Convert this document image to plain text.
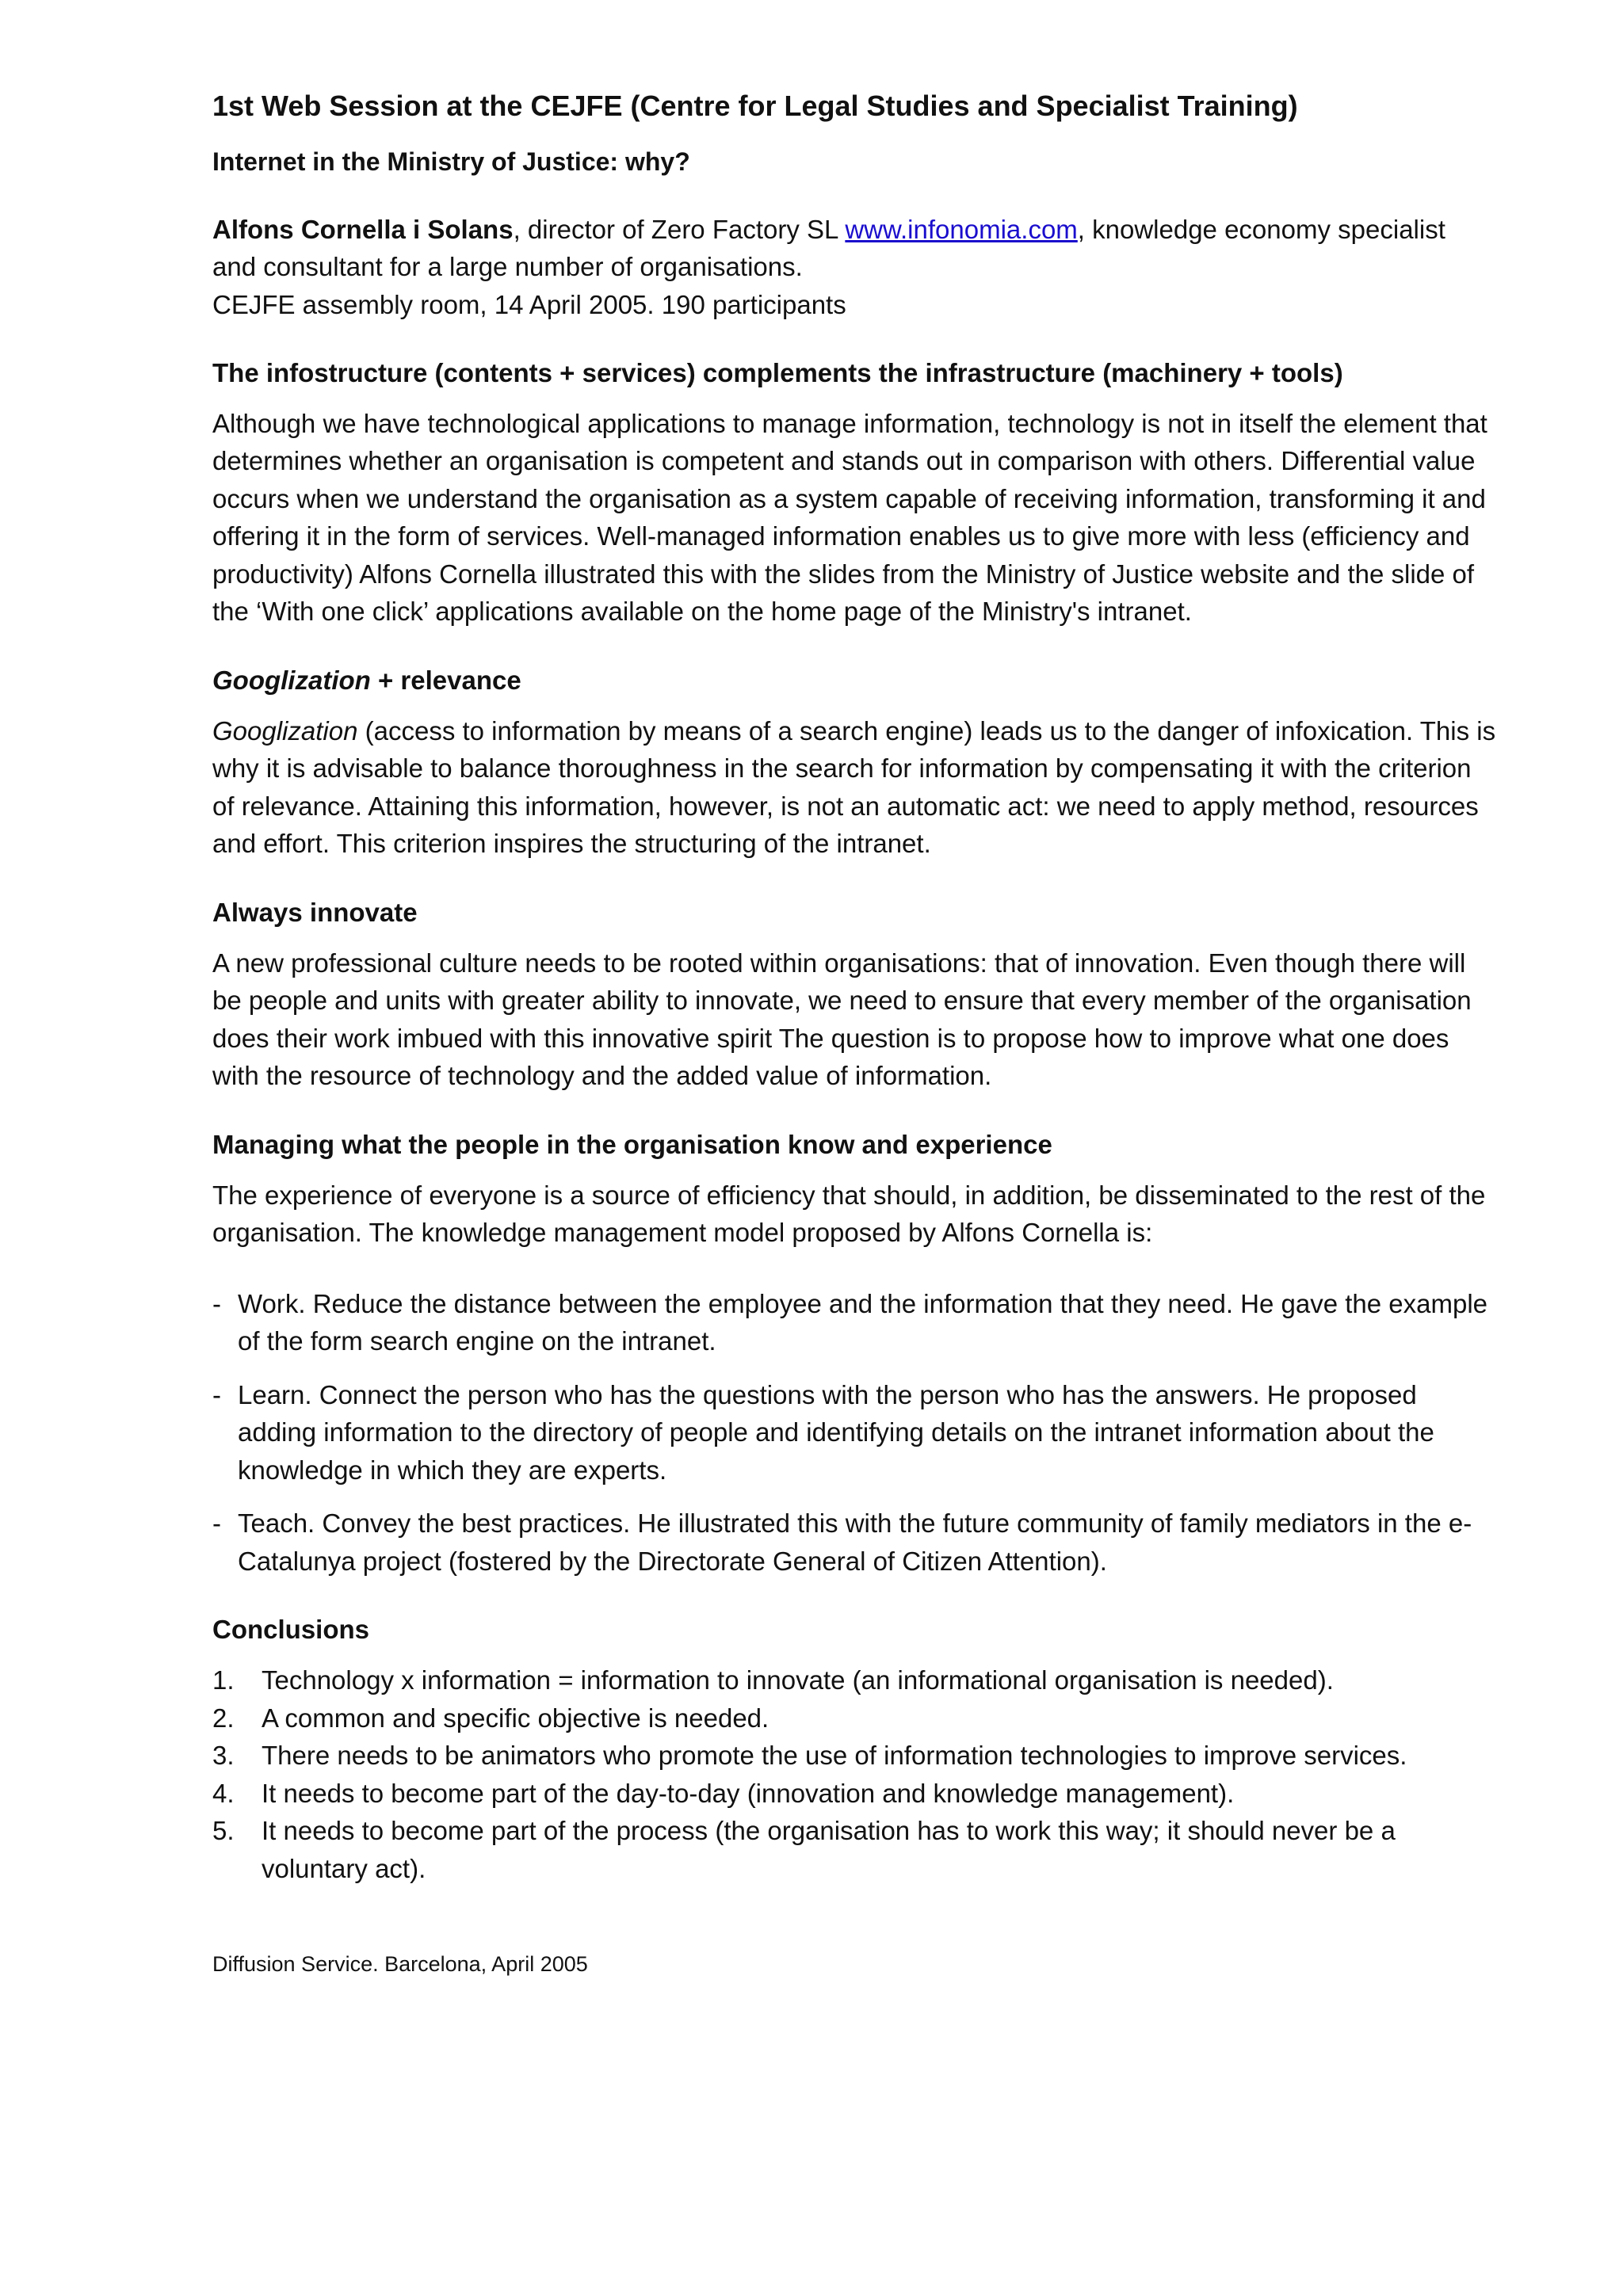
1st Web Session at the CEJFE (Centre for Legal Studies and Specialist Training)
Internet in the Ministry of Justice: why?

Alfons Cornella i Solans, director of Zero Factory SL www.infonomia.com, knowledge economy specialist and consultant for a large number of organisations.

CEJFE assembly room, 14 April 2005. 190 participants
The infostructure (contents + services) complements the infrastructure (machinery + tools)

Although we have technological applications to manage information, technology is not in itself the element that determines whether an organisation is competent and stands out in comparison with others. Differential value occurs when we understand the organisation as a system capable of receiving information, transforming it and offering it in the form of services. Well-managed information enables us to give more with less (efficiency and productivity) Alfons Cornella illustrated this with the slides from the Ministry of Justice website and the slide of the ‘With one click’ applications available on the home page of the Ministry's intranet.

Googlization + relevance

Googlization (access to information by means of a search engine) leads us to the danger of infoxication. This is why it is advisable to balance thoroughness in the search for information by compensating it with the criterion of relevance. Attaining this information, however, is not an automatic act: we need to apply method, resources and effort. This criterion inspires the structuring of the intranet.

Always innovate

A new professional culture needs to be rooted within organisations: that of innovation. Even though there will be people and units with greater ability to innovate, we need to ensure that every member of the organisation does their work imbued with this innovative spirit The question is to propose how to improve what one does with the resource of technology and the added value of information.

Managing what the people in the organisation know and experience

The experience of everyone is a source of efficiency that should, in addition, be disseminated to the rest of the organisation. The knowledge management model proposed by Alfons Cornella is:

- Work. Reduce the distance between the employee and the information that they need. He gave the example of the form search engine on the intranet.
- Learn. Connect the person who has the questions with the person who has the answers. He proposed adding information to the directory of people and identifying details on the intranet information about the knowledge in which they are experts.
- Teach. Convey the best practices. He illustrated this with the future community of family mediators in the e-Catalunya project (fostered by the Directorate General of Citizen Attention).
Conclusions
1. Technology x information = information to innovate (an informational organisation is needed).
2. A common and specific objective is needed.
3. There needs to be animators who promote the use of information technologies to improve services.
4. It needs to become part of the day-to-day (innovation and knowledge management).
5. It needs to become part of the process (the organisation has to work this way; it should never be a voluntary act).
Diffusion Service. Barcelona, April 2005
